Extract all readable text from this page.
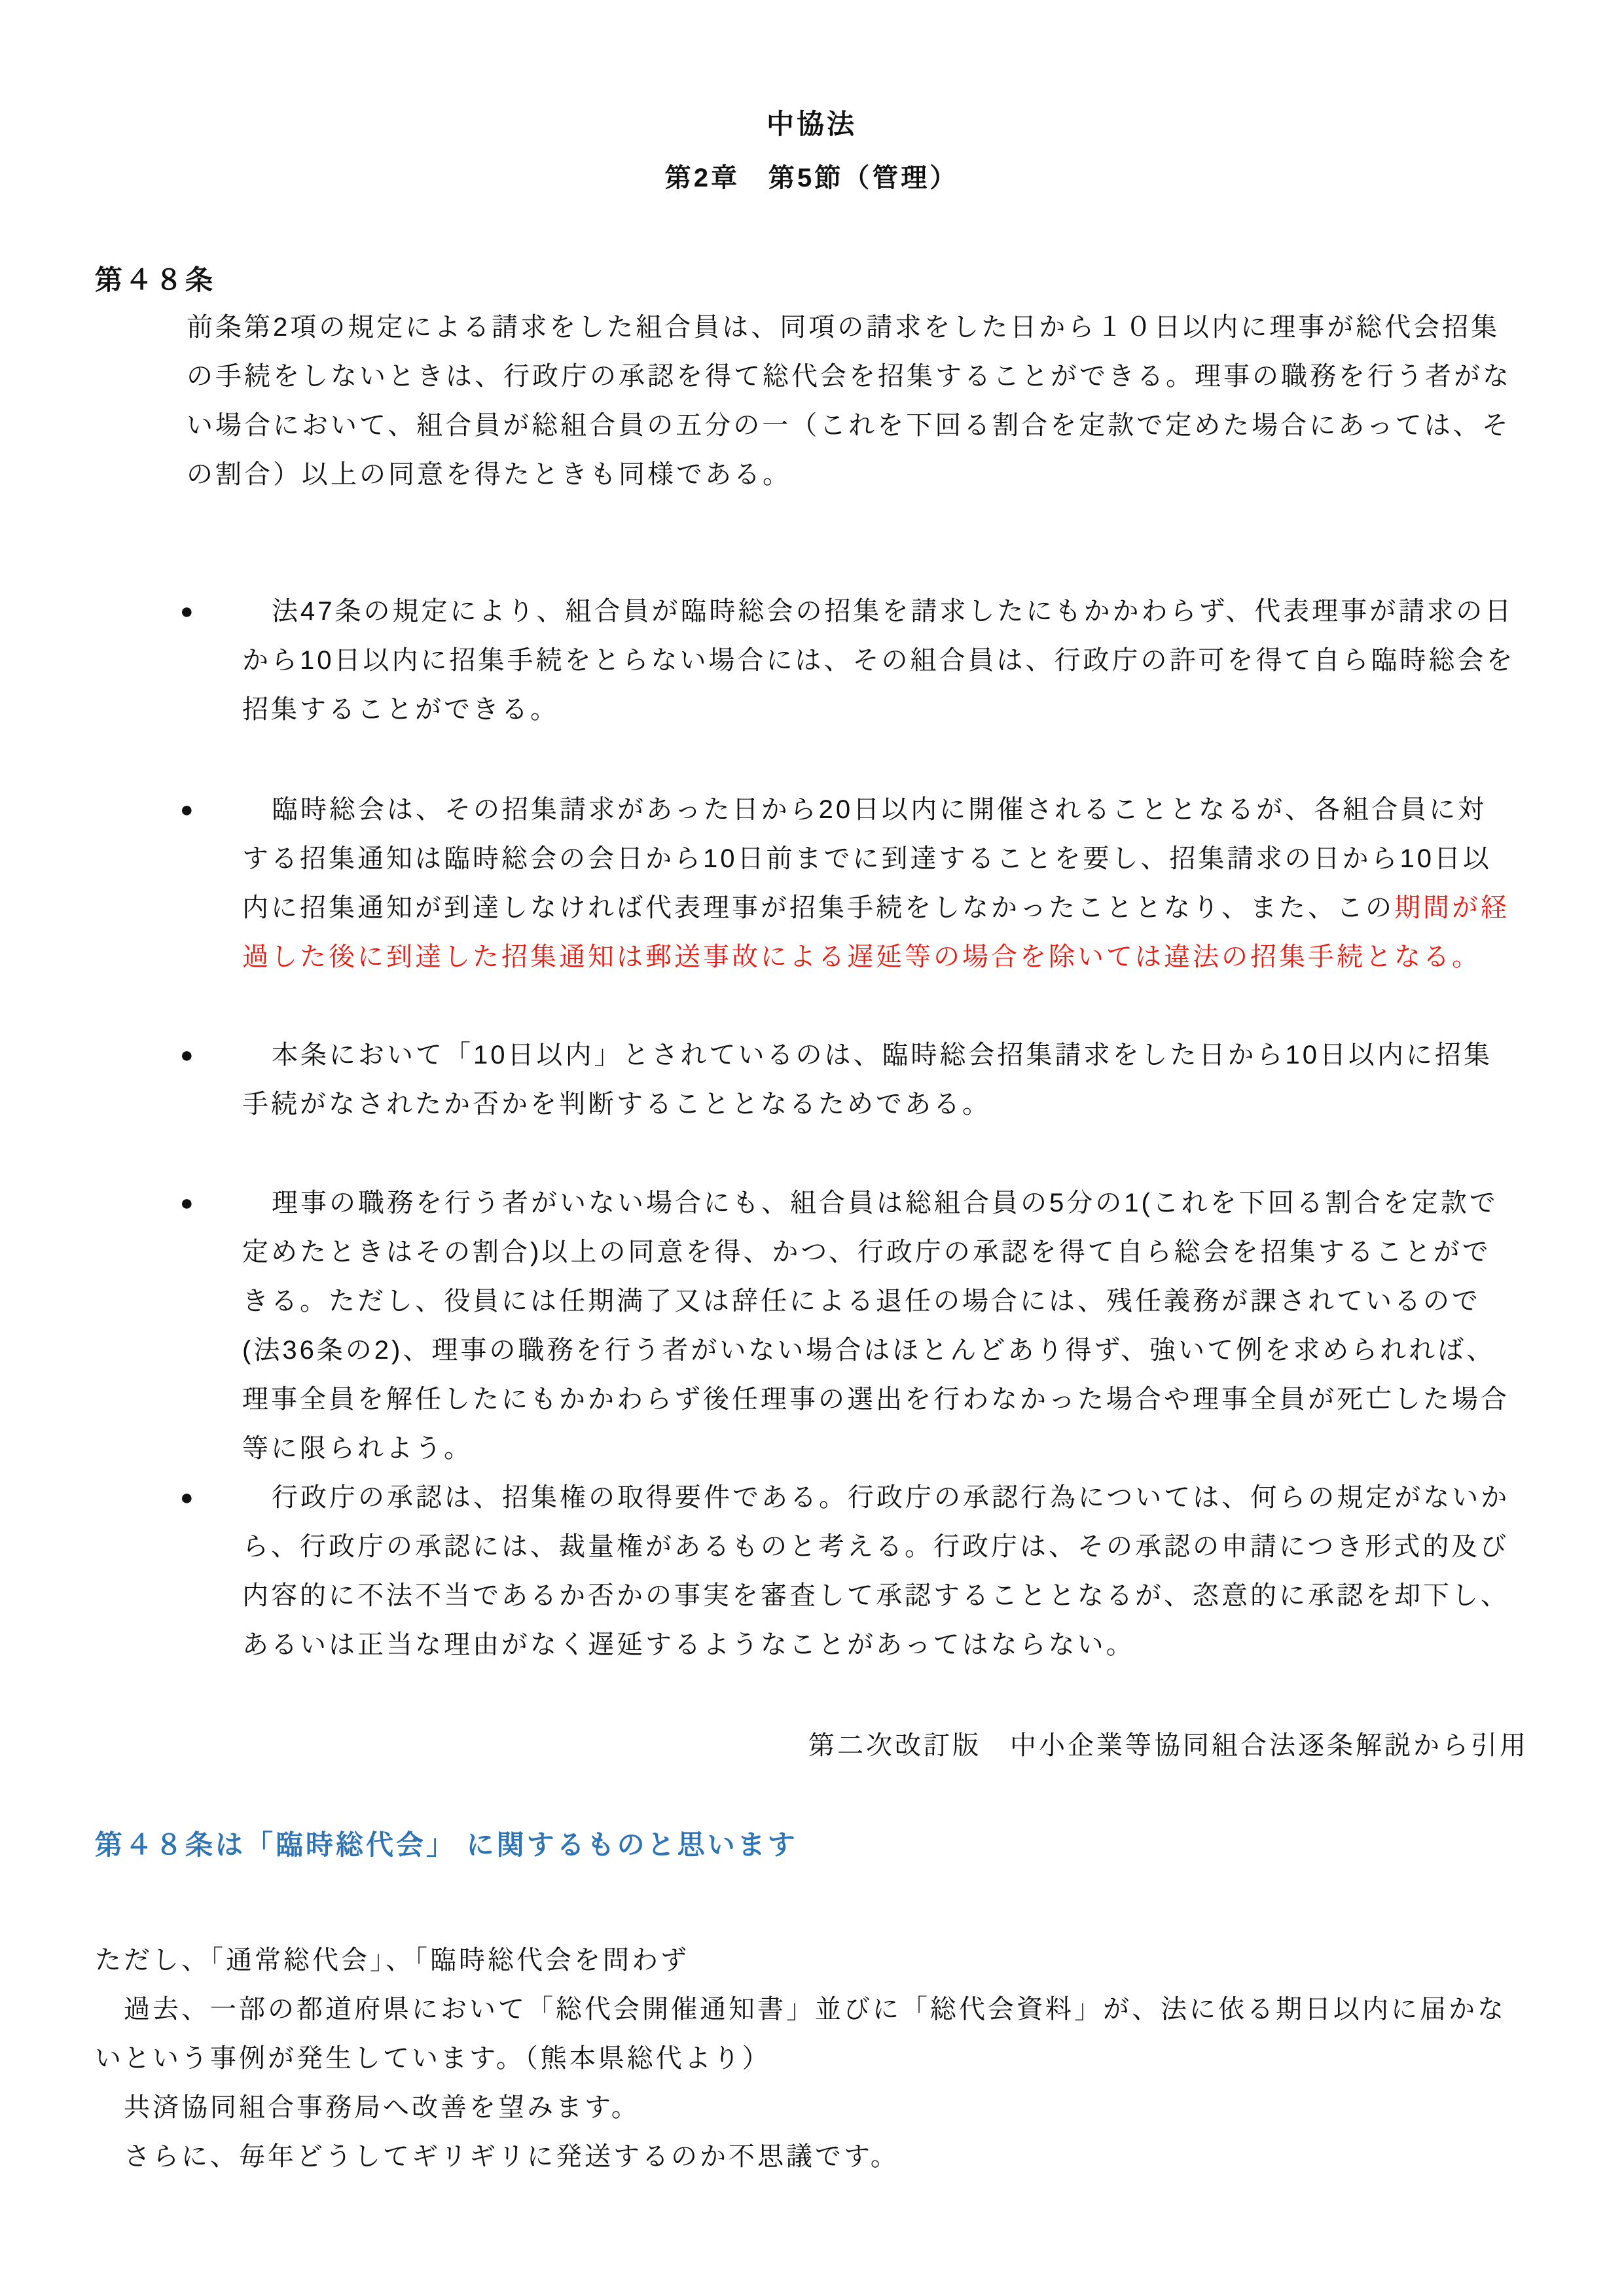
中協法
第2章　第5節（管理）
第４８条

前条第2項の規定による請求をした組合員は、同項の請求をした日から１０日以内に理事が総代会招集の手続をしないときは、行政庁の承認を得て総代会を招集することができる。理事の職務を行う者がない場合において、組合員が総組合員の五分の一（これを下回る割合を定款で定めた場合にあっては、その割合）以上の同意を得たときも同様である。

●	法47条の規定により、組合員が臨時総会の招集を請求したにもかかわらず、代表理事が請求の日から10日以内に招集手続をとらない場合には、その組合員は、行政庁の許可を得て自ら臨時総会を招集することができる。
●	臨時総会は、その招集請求があった日から20日以内に開催されることとなるが、各組合員に対する招集通知は臨時総会の会日から10日前までに到達することを要し、招集請求の日から10日以内に招集通知が到達しなければ代表理事が招集手続をしなかったこととなり、また、この期間が経過した後に到達した招集通知は郵送事故による遅延等の場合を除いては違法の招集手続となる。
●	本条において「10日以内」とされているのは、臨時総会招集請求をした日から10日以内に招集手続がなされたか否かを判断することとなるためである。
●	理事の職務を行う者がいない場合にも、組合員は総組合員の5分の1(これを下回る割合を定款で定めたときはその割合)以上の同意を得、かつ、行政庁の承認を得て自ら総会を招集することができる。ただし、役員には任期満了又は辞任による退任の場合には、残任義務が課されているので(法36条の2)、理事の職務を行う者がいない場合はほとんどあり得ず、強いて例を求められれば、理事全員を解任したにもかかわらず後任理事の選出を行わなかった場合や理事全員が死亡した場合等に限られよう。
●	行政庁の承認は、招集権の取得要件である。行政庁の承認行為については、何らの規定がないから、行政庁の承認には、裁量権があるものと考える。行政庁は、その承認の申請につき形式的及び内容的に不法不当であるか否かの事実を審査して承認することとなるが、恣意的に承認を却下し、あるいは正当な理由がなく遅延するようなことがあってはならない。

第二次改訂版　中小企業等協同組合法逐条解説から引用

第４８条は「臨時総代会」 に関するものと思います

ただし、「通常総代会」、「臨時総代会を問わず

　過去、一部の都道府県において「総代会開催通知書」並びに「総代会資料」が、法に依る期日以内に届かないという事例が発生しています。（熊本県総代より）

　共済協同組合事務局へ改善を望みます。

　さらに、毎年どうしてギリギリに発送するのか不思議です。
